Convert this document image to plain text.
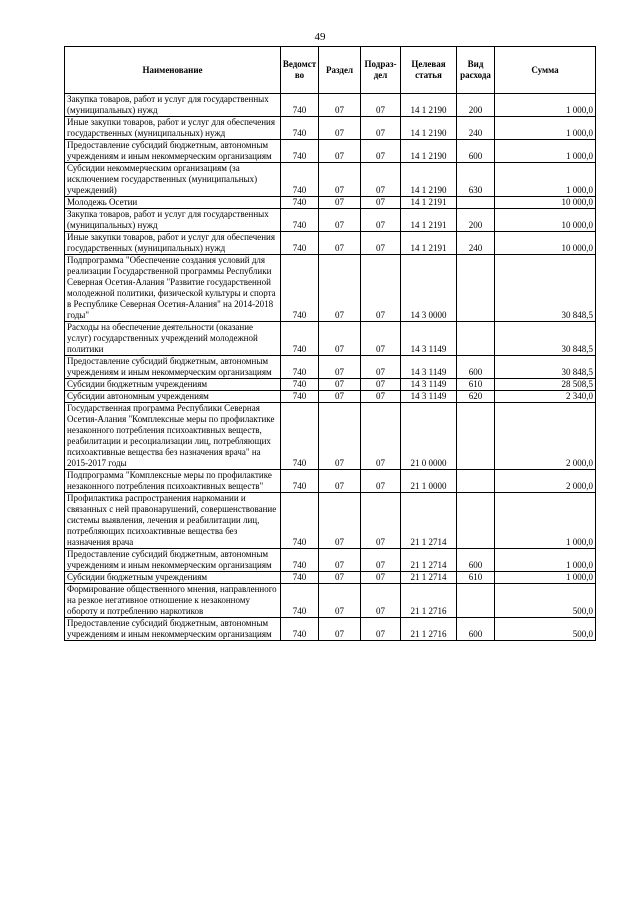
49
Наименование	Ведомст во	Раздел	Подраз- дел	Целевая статья	Вид расхода	Сумма
Закупка товаров, работ и услуг для государственных (муниципальных) нужд	740	07	07	14 1 2190	200	1 000,0
Иные закупки товаров, работ и услуг для обеспечения государственных (муниципальных) нужд	740	07	07	14 1 2190	240	1 000,0
Предоставление субсидий бюджетным, автономным учреждениям и иным некоммерческим организациям	740	07	07	14 1 2190	600	1 000,0
Субсидии некоммерческим организациям (за исключением государственных (муниципальных) учреждений)	740	07	07	14 1 2190	630	1 000,0
Молодежь Осетии	740	07	07	14 1 2191		10 000,0
Закупка товаров, работ и услуг для государственных (муниципальных) нужд	740	07	07	14 1 2191	200	10 000,0
Иные закупки товаров, работ и услуг для обеспечения государственных (муниципальных) нужд	740	07	07	14 1 2191	240	10 000,0
Подпрограмма "Обеспечение создания условий для реализации Государственной программы Республики Северная Осетия-Алания "Развитие государственной молодежной политики, физической культуры и спорта в Республике Северная Осетия-Алания" на 2014-2018 годы"	740	07	07	14 3 0000		30 848,5
Расходы на обеспечение деятельности (оказание услуг) государственных учреждений молодежной политики	740	07	07	14 3 1149		30 848,5
Предоставление субсидий бюджетным, автономным учреждениям и иным некоммерческим организациям	740	07	07	14 3 1149	600	30 848,5
Субсидии бюджетным учреждениям	740	07	07	14 3 1149	610	28 508,5
Субсидии автономным учреждениям	740	07	07	14 3 1149	620	2 340,0
Государственная программа Республики Северная Осетия-Алания "Комплексные меры по профилактике незаконного потребления психоактивных веществ, реабилитации и ресоциализации лиц, потребляющих психоактивные вещества без назначения врача" на 2015-2017 годы	740	07	07	21 0 0000		2 000,0
Подпрограмма "Комплексные меры по профилактике незаконного потребления психоактивных веществ"	740	07	07	21 1 0000		2 000,0
Профилактика распространения наркомании и связанных с ней правонарушений, совершенствование системы выявления, лечения и реабилитации лиц, потребляющих психоактивные вещества без назначения врача	740	07	07	21 1 2714		1 000,0
Предоставление субсидий бюджетным, автономным учреждениям и иным некоммерческим организациям	740	07	07	21 1 2714	600	1 000,0
Субсидии бюджетным учреждениям	740	07	07	21 1 2714	610	1 000,0
Формирование общественного мнения, направленного на резкое негативное отношение к незаконному обороту и потреблению наркотиков	740	07	07	21 1 2716		500,0
Предоставление субсидий бюджетным, автономным учреждениям и иным некоммерческим организациям	740	07	07	21 1 2716	600	500,0
